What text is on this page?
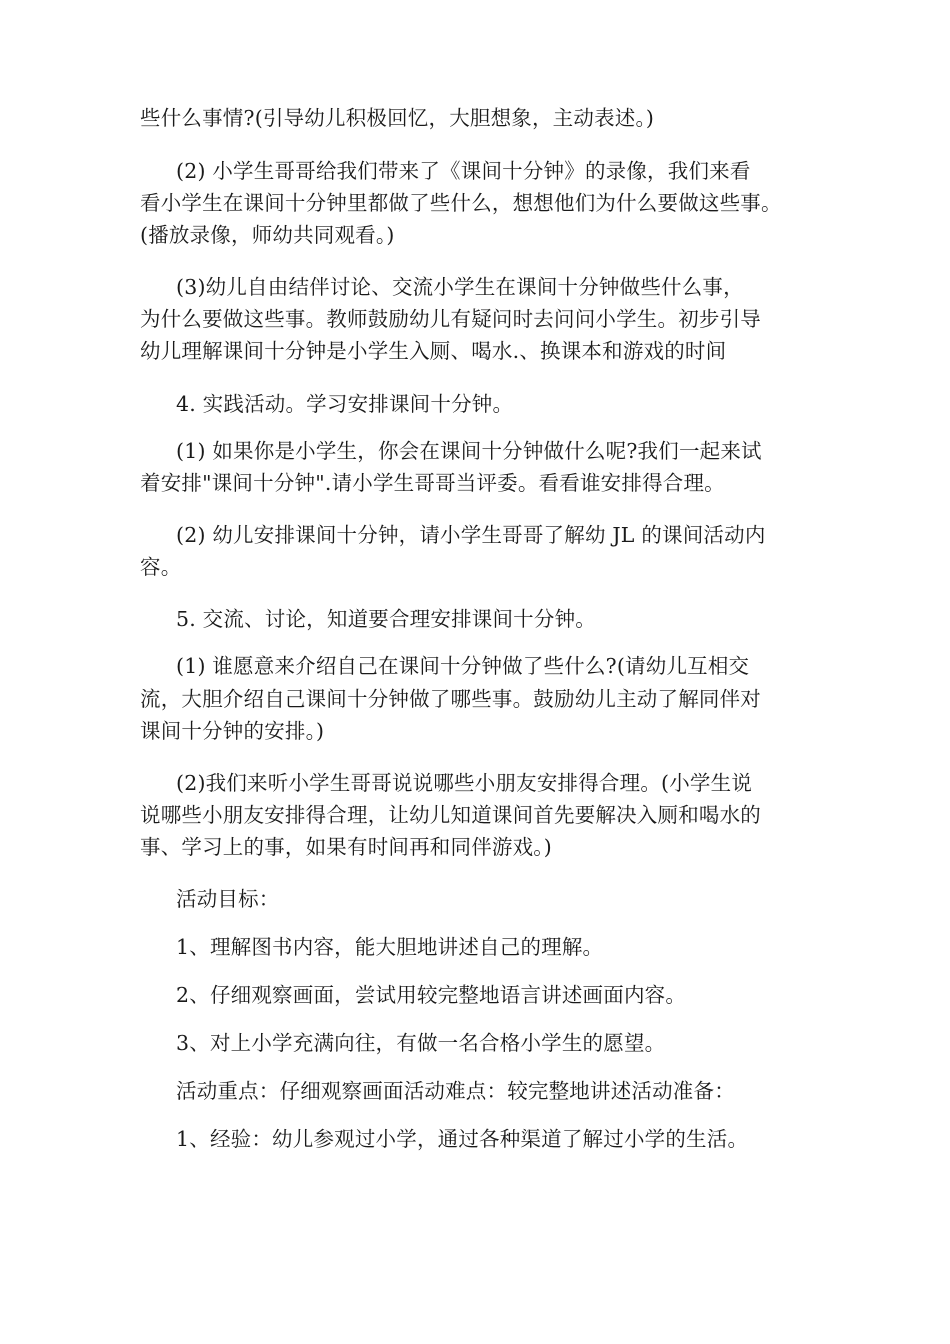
些什么事情?(引导幼儿积极回忆，大胆想象，主动表述。)
(2) 小学生哥哥给我们带来了《课间十分钟》的录像，我们来看
看小学生在课间十分钟里都做了些什么，想想他们为什么要做这些事。
(播放录像，师幼共同观看。)
(3)幼儿自由结伴讨论、交流小学生在课间十分钟做些什么事，
为什么要做这些事。教师鼓励幼儿有疑问时去问问小学生。初步引导
幼儿理解课间十分钟是小学生入厕、喝水.、换课本和游戏的时间
4. 实践活动。学习安排课间十分钟。
(1) 如果你是小学生，你会在课间十分钟做什么呢?我们一起来试
着安排"课间十分钟".请小学生哥哥当评委。看看谁安排得合理。
(2) 幼儿安排课间十分钟，请小学生哥哥了解幼 JL 的课间活动内
容。
5. 交流、讨论，知道要合理安排课间十分钟。
(1) 谁愿意来介绍自己在课间十分钟做了些什么?(请幼儿互相交
流，大胆介绍自己课间十分钟做了哪些事。鼓励幼儿主动了解同伴对
课间十分钟的安排。)
(2)我们来听小学生哥哥说说哪些小朋友安排得合理。(小学生说
说哪些小朋友安排得合理，让幼儿知道课间首先要解决入厕和喝水的
事、学习上的事，如果有时间再和同伴游戏。)
活动目标：
1、理解图书内容，能大胆地讲述自己的理解。
2、仔细观察画面，尝试用较完整地语言讲述画面内容。
3、对上小学充满向往，有做一名合格小学生的愿望。
活动重点：仔细观察画面活动难点：较完整地讲述活动准备：
1、经验：幼儿参观过小学，通过各种渠道了解过小学的生活。
